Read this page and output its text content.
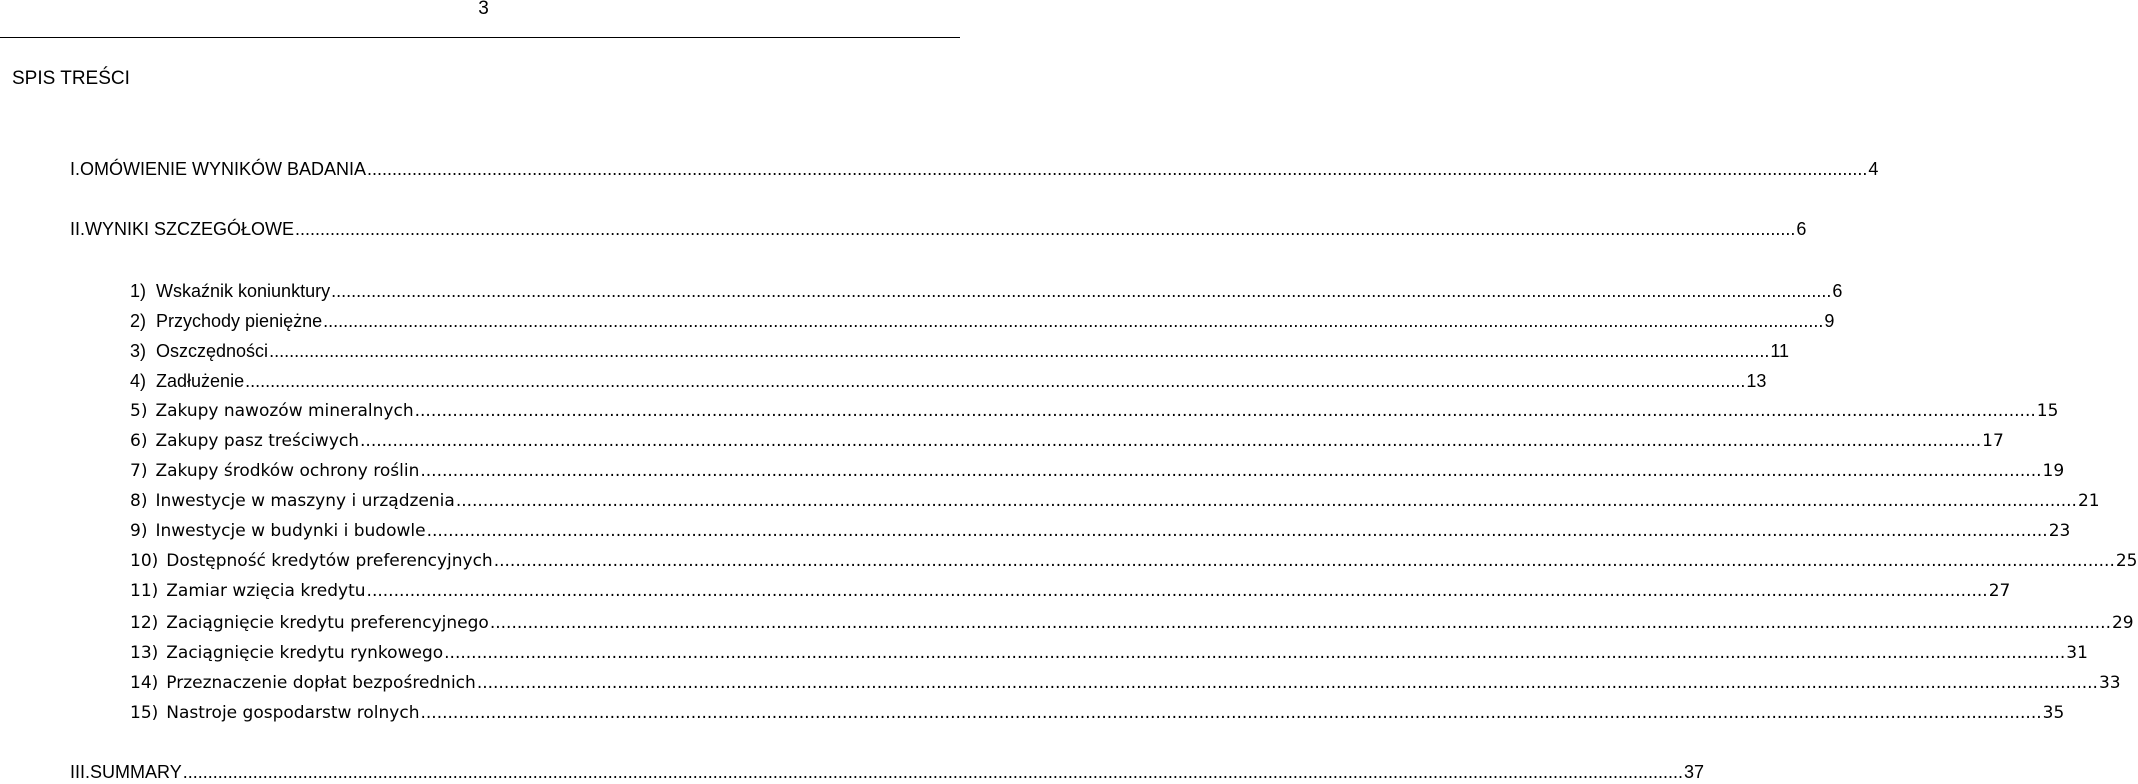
3
SPIS TREŚCI
I. OMÓWIENIE WYNIKÓW BADANIA ............................................................................................................................................................................................................................................................................................................ 4
II. WYNIKI SZCZEGÓŁOWE ............................................................................................................................................................................................................................................................................................................ 6
1) Wskaźnik koniunktury ............................................................................................................................................................................................................................................................................................................ 6
2) Przychody pieniężne ............................................................................................................................................................................................................................................................................................................ 9
3) Oszczędności ............................................................................................................................................................................................................................................................................................................ 11
4) Zadłużenie ............................................................................................................................................................................................................................................................................................................ 13
5) Zakupy nawozów mineralnych ............................................................................................................................................................................................................................................................................................................ 15
6) Zakupy pasz treściwych ............................................................................................................................................................................................................................................................................................................ 17
7) Zakupy środków ochrony roślin ............................................................................................................................................................................................................................................................................................................ 19
8) Inwestycje w maszyny i urządzenia ............................................................................................................................................................................................................................................................................................................ 21
9) Inwestycje w budynki i budowle ............................................................................................................................................................................................................................................................................................................ 23
10) Dostępność kredytów preferencyjnych ............................................................................................................................................................................................................................................................................................................ 25
11) Zamiar wzięcia kredytu ............................................................................................................................................................................................................................................................................................................ 27
12) Zaciągnięcie kredytu preferencyjnego ............................................................................................................................................................................................................................................................................................................ 29
13) Zaciągnięcie kredytu rynkowego ............................................................................................................................................................................................................................................................................................................ 31
14) Przeznaczenie dopłat bezpośrednich ............................................................................................................................................................................................................................................................................................................ 33
15) Nastroje gospodarstw rolnych ............................................................................................................................................................................................................................................................................................................ 35
III. SUMMARY ............................................................................................................................................................................................................................................................................................................ 37
